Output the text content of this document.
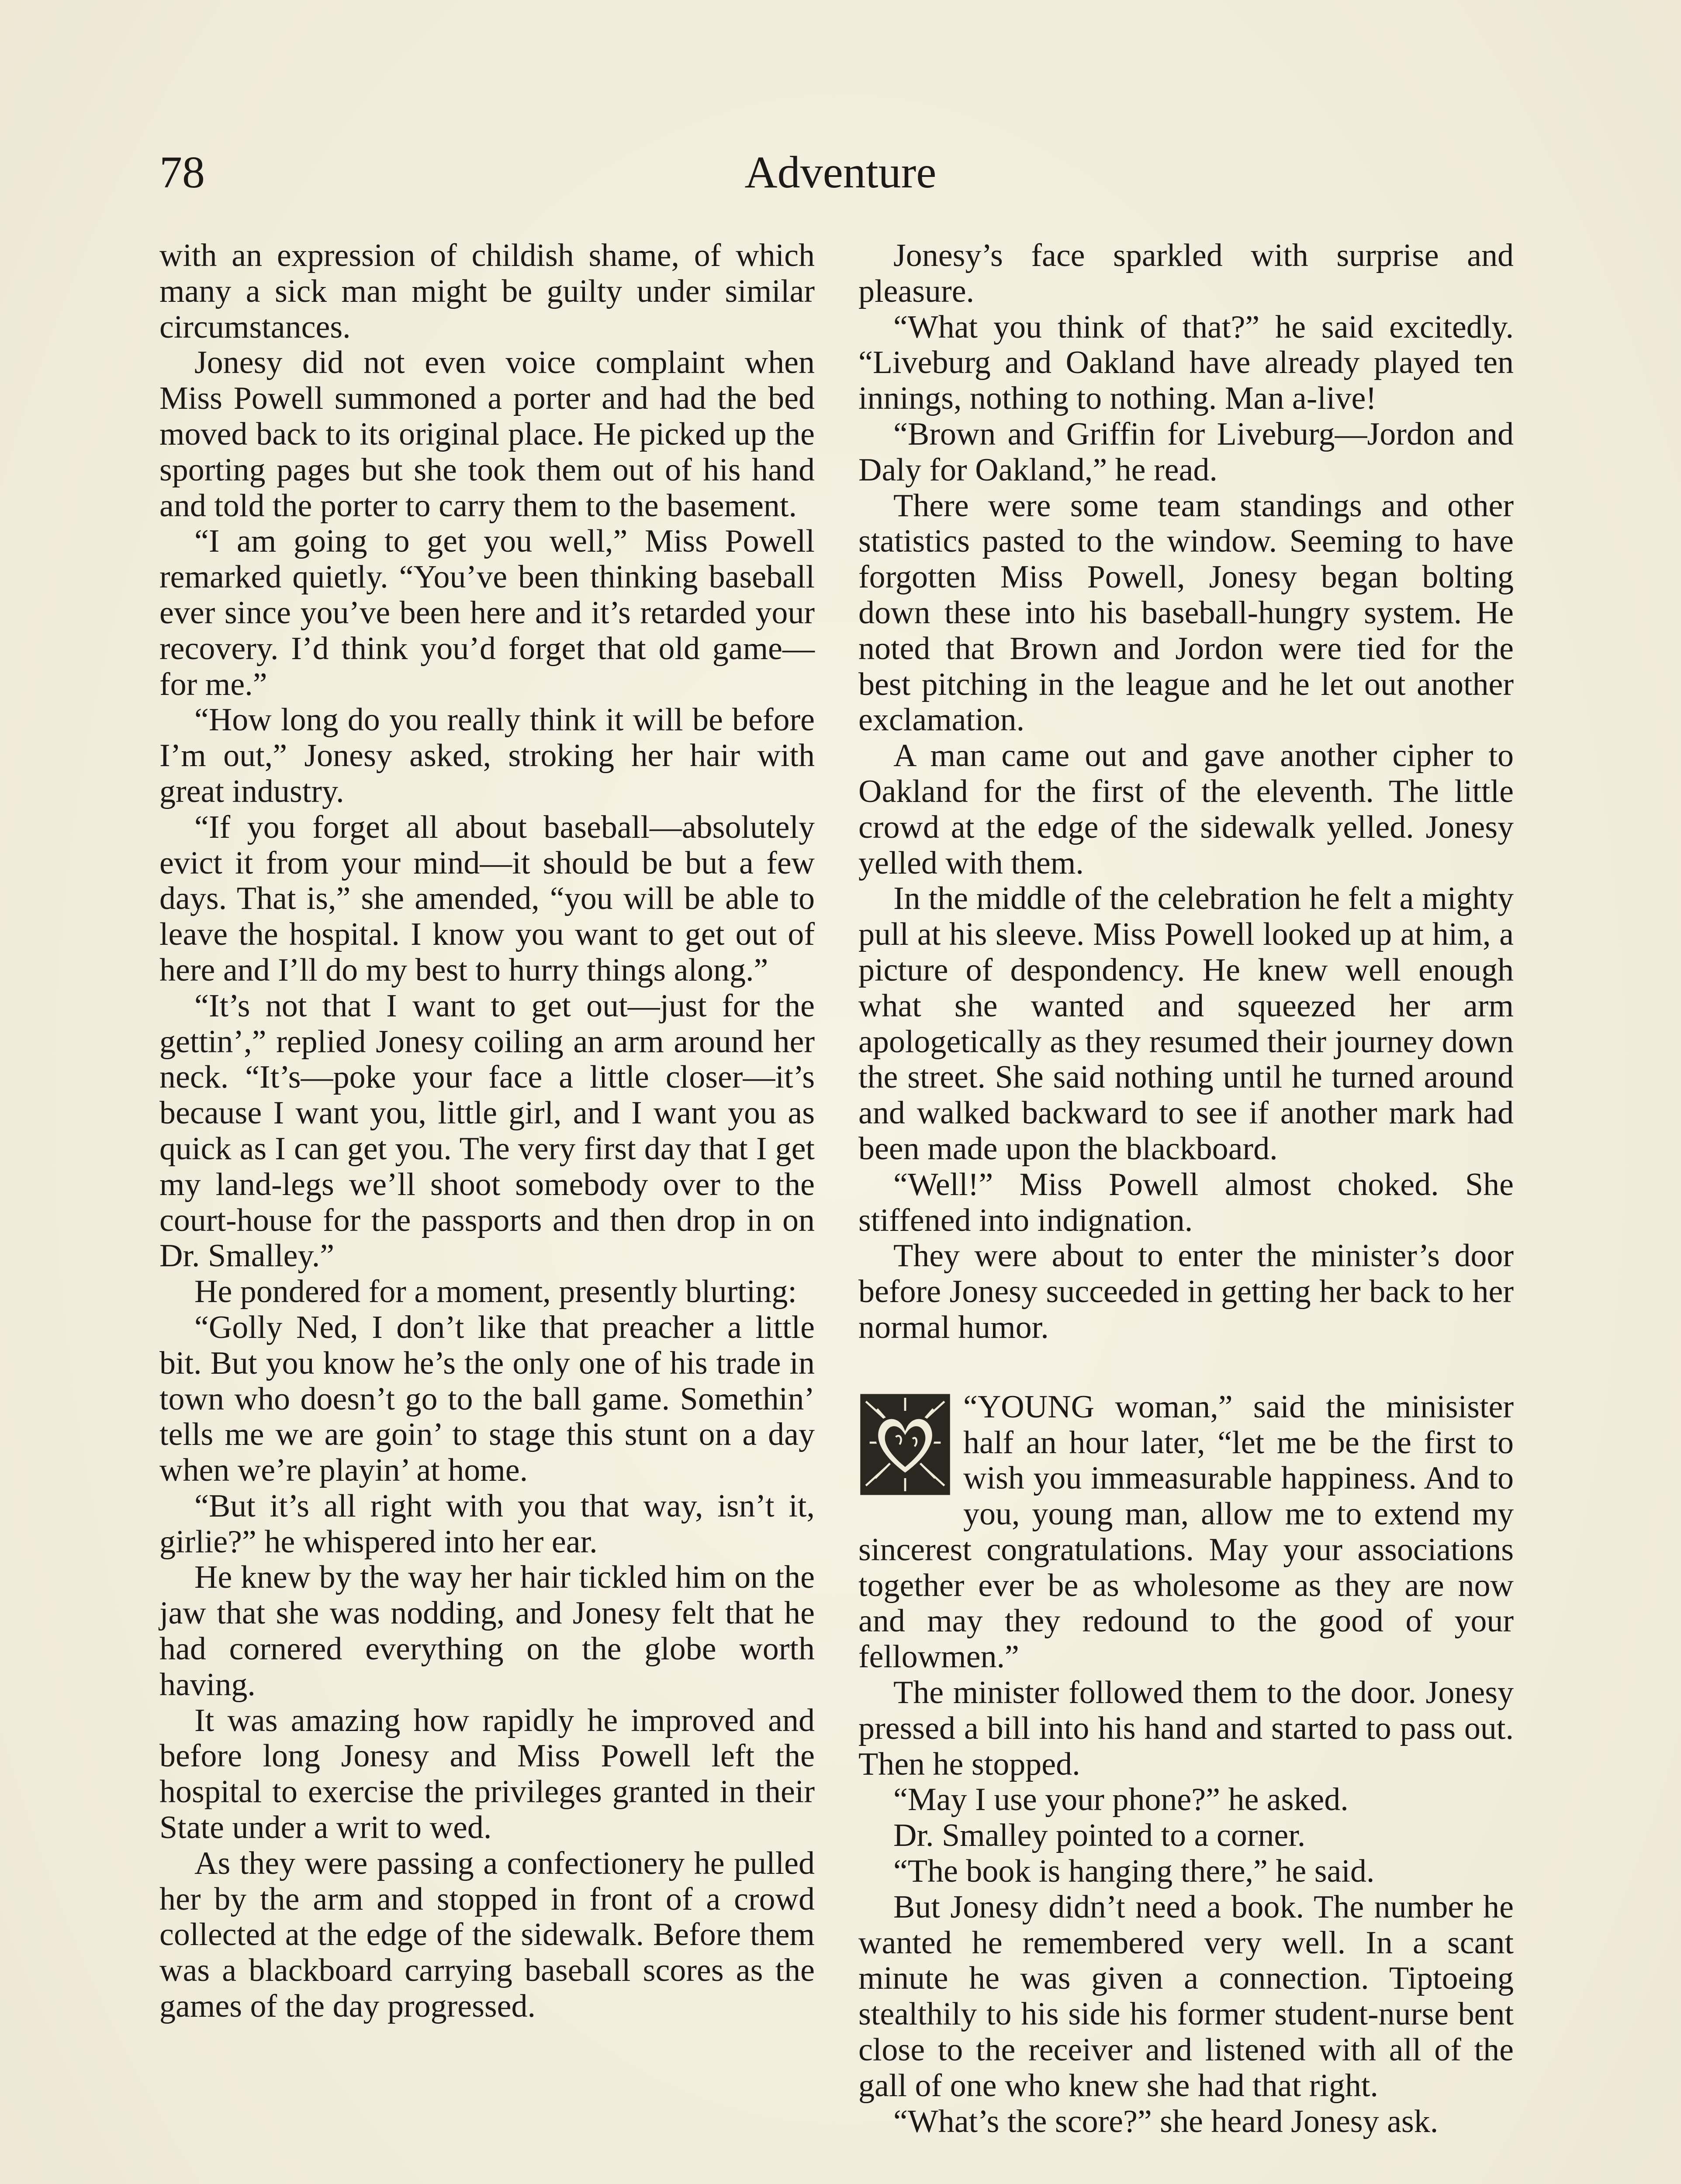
78	Adventure

with an expression of childish shame, of which many a sick man might be guilty under similar circumstances.

Jonesy did not even voice complaint when Miss Powell summoned a porter and had the bed moved back to its original place. He picked up the sporting pages but she took them out of his hand and told the porter to carry them to the basement.

“I am going to get you well,” Miss Powell remarked quietly. “You’ve been thinking baseball ever since you’ve been here and it’s retarded your recovery. I’d think you’d forget that old game—for me.”

“How long do you really think it will be before I’m out,” Jonesy asked, stroking her hair with great industry.

“If you forget all about baseball—absolutely evict it from your mind—it should be but a few days. That is,” she amended, “you will be able to leave the hospital. I know you want to get out of here and I’ll do my best to hurry things along.”

“It’s not that I want to get out—just for the gettin’,” replied Jonesy coiling an arm around her neck. “It’s—poke your face a little closer—it’s because I want you, little girl, and I want you as quick as I can get you. The very first day that I get my land-legs we’ll shoot somebody over to the court-house for the passports and then drop in on Dr. Smalley.”

He pondered for a moment, presently blurting:

“Golly Ned, I don’t like that preacher a little bit. But you know he’s the only one of his trade in town who doesn’t go to the ball game. Somethin’ tells me we are goin’ to stage this stunt on a day when we’re playin’ at home.

“But it’s all right with you that way, isn’t it, girlie?” he whispered into her ear.

He knew by the way her hair tickled him on the jaw that she was nodding, and Jonesy felt that he had cornered everything on the globe worth having.

It was amazing how rapidly he improved and before long Jonesy and Miss Powell left the hospital to exercise the privileges granted in their State under a writ to wed.

As they were passing a confectionery he pulled her by the arm and stopped in front of a crowd collected at the edge of the sidewalk. Before them was a blackboard carrying baseball scores as the games of the day progressed.

Jonesy’s face sparkled with surprise and pleasure.

“What you think of that?” he said excitedly. “Liveburg and Oakland have already played ten innings, nothing to nothing. Man a-live!

“Brown and Griffin for Liveburg—Jordon and Daly for Oakland,” he read.

There were some team standings and other statistics pasted to the window. Seeming to have forgotten Miss Powell, Jonesy began bolting down these into his baseball-hungry system. He noted that Brown and Jordon were tied for the best pitching in the league and he let out another exclamation.

A man came out and gave another cipher to Oakland for the first of the eleventh. The little crowd at the edge of the sidewalk yelled. Jonesy yelled with them.

In the middle of the celebration he felt a mighty pull at his sleeve. Miss Powell looked up at him, a picture of despondency. He knew well enough what she wanted and squeezed her arm apologetically as they resumed their journey down the street. She said nothing until he turned around and walked backward to see if another mark had been made upon the blackboard.

“Well!” Miss Powell almost choked. She stiffened into indignation.

They were about to enter the minister’s door before Jonesy succeeded in getting her back to her normal humor.

“YOUNG woman,” said the minisister half an hour later, “let me be the first to wish you immeasurable happiness. And to you, young man, allow me to extend my sincerest congratulations. May your associations together ever be as wholesome as they are now and may they redound to the good of your fellowmen.”

The minister followed them to the door. Jonesy pressed a bill into his hand and started to pass out. Then he stopped.

“May I use your phone?” he asked.

Dr. Smalley pointed to a corner.

“The book is hanging there,” he said.

But Jonesy didn’t need a book. The number he wanted he remembered very well. In a scant minute he was given a connection. Tiptoeing stealthily to his side his former student-nurse bent close to the receiver and listened with all of the gall of one who knew she had that right.

“What’s the score?” she heard Jonesy ask.
